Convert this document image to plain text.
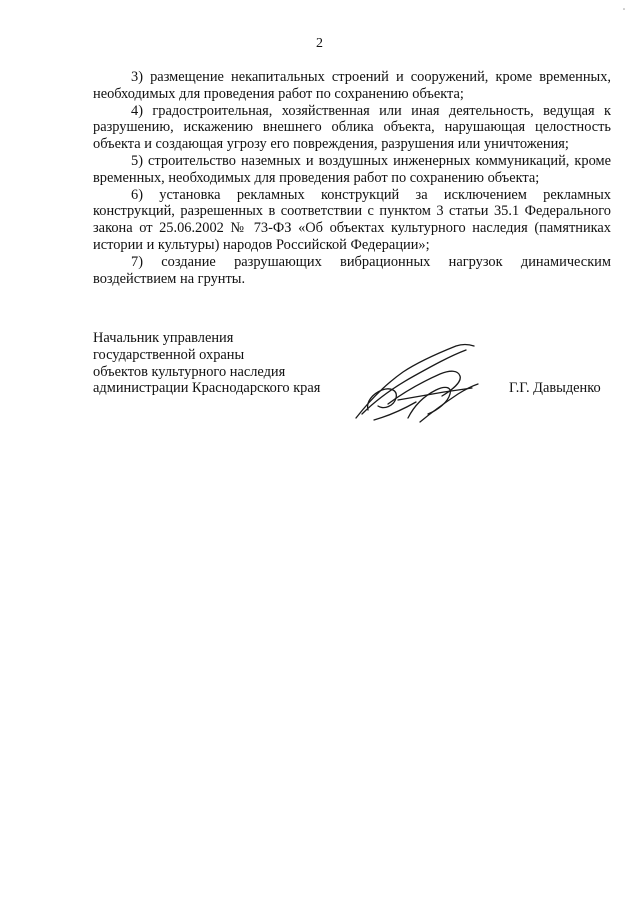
2

3) размещение некапитальных строений и сооружений, кроме временных, необходимых для проведения работ по сохранению объекта;

4) градостроительная, хозяйственная или иная деятельность, ведущая к разрушению, искажению внешнего облика объекта, нарушающая целостность объекта и создающая угрозу его повреждения, разрушения или уничтожения;

5) строительство наземных и воздушных инженерных коммуникаций, кроме временных, необходимых для проведения работ по сохранению объекта;

6) установка рекламных конструкций за исключением рекламных конструкций, разрешенных в соответствии с пунктом 3 статьи 35.1 Федерального закона от 25.06.2002 № 73-ФЗ «Об объектах культурного наследия (памятниках истории и культуры) народов Российской Федерации»;

7) создание разрушающих вибрационных нагрузок динамическим воздействием на грунты.

Начальник управления
государственной охраны
объектов культурного наследия
администрации Краснодарского края	Г.Г. Давыденко
